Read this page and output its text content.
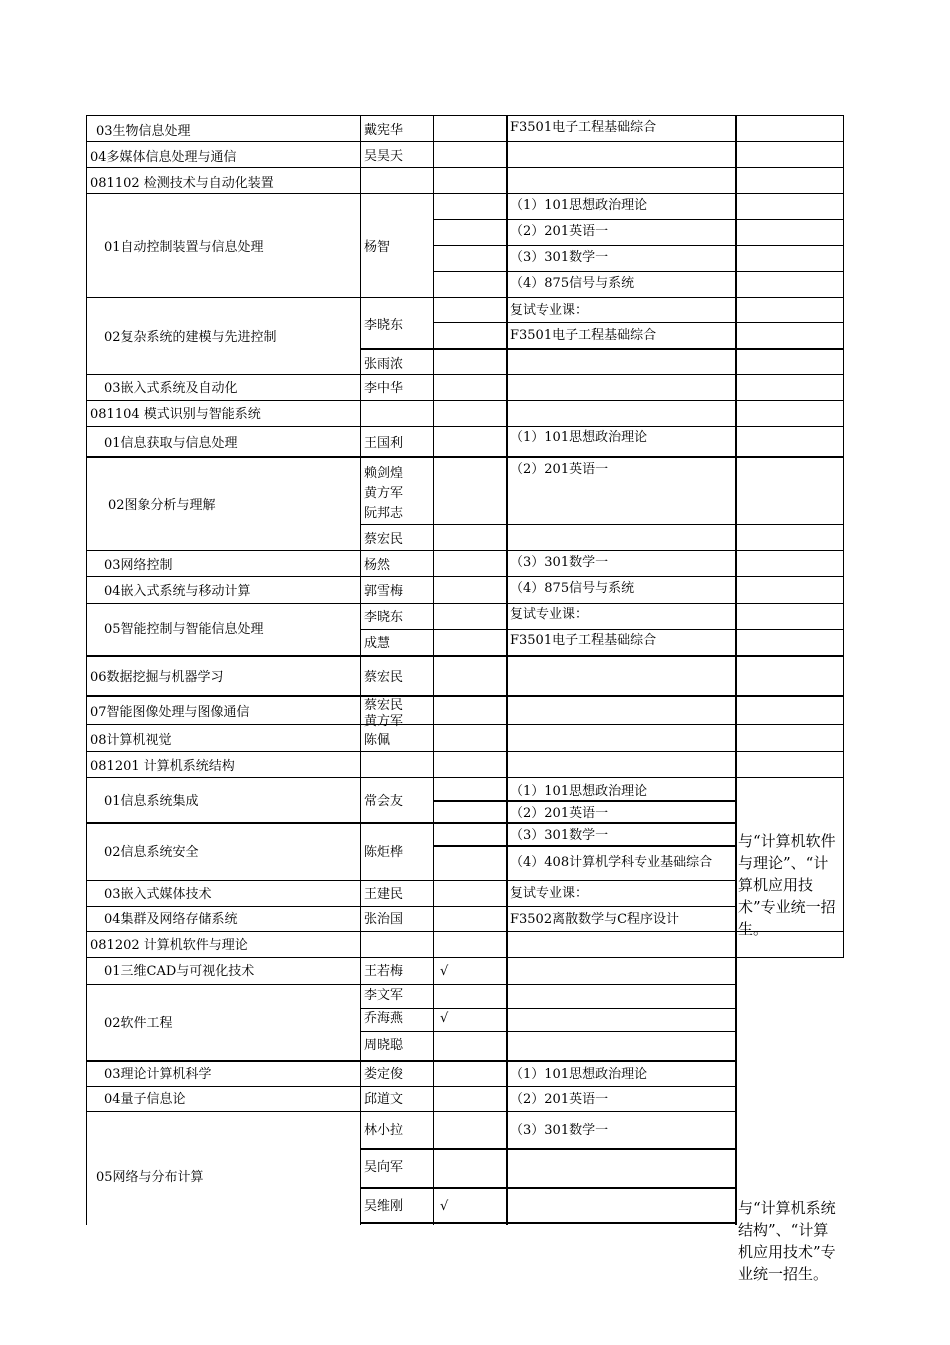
03生物信息处理
04多媒体信息处理与通信
081102 检测技术与自动化装置
01自动控制装置与信息处理
02复杂系统的建模与先进控制
03嵌入式系统及自动化
081104 模式识别与智能系统
01信息获取与信息处理
02图象分析与理解
03网络控制
04嵌入式系统与移动计算
05智能控制与智能信息处理
06数据挖掘与机器学习
07智能图像处理与图像通信
08计算机视觉
081201 计算机系统结构
01信息系统集成
02信息系统安全
03嵌入式媒体技术
04集群及网络存储系统
081202 计算机软件与理论
01三维CAD与可视化技术
02软件工程
03理论计算机科学
04量子信息论
05网络与分布计算
戴宪华
吴昊天
杨智
李晓东
张雨浓
李中华
王国利
赖剑煌
黄方军
阮邦志
蔡宏民
杨然
郭雪梅
李晓东
成慧
蔡宏民
蔡宏民
黄方军
陈佩
常会友
陈炬桦
王建民
张治国
王若梅
李文军
乔海燕
周晓聪
娄定俊
邱道文
林小拉
吴向军
吴维刚
√
√
√
F3501电子工程基础综合
（1）101思想政治理论
（2）201英语一
（3）301数学一
（4）875信号与系统
复试专业课：
F3501电子工程基础综合
（1）101思想政治理论
（2）201英语一
（3）301数学一
（4）875信号与系统
复试专业课：
F3501电子工程基础综合
（1）101思想政治理论
（2）201英语一
（3）301数学一
（4）408计算机学科专业基础综合
复试专业课：
F3502离散数学与C程序设计
（1）101思想政治理论
（2）201英语一
（3）301数学一
与“计算机软件与理论”、“计算机应用技术”专业统一招生。
与“计算机系统结构”、“计算机应用技术”专业统一招生。
